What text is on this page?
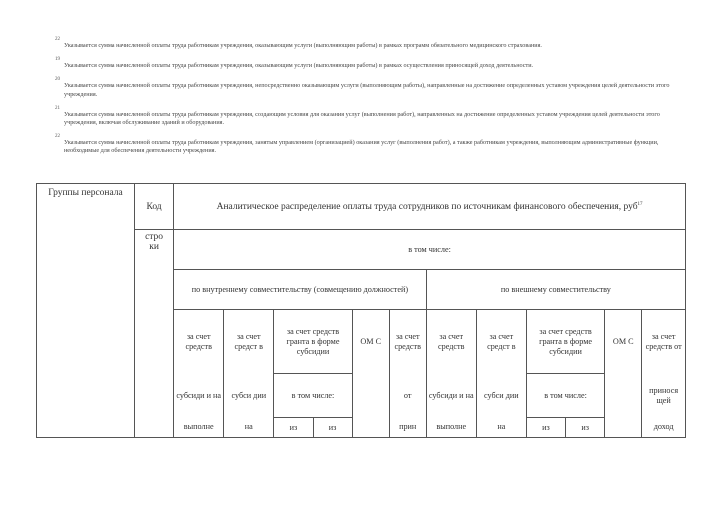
22
Указывается сумма начисленной оплаты труда работникам учреждения, оказывающим услуги (выполняющим работы) в рамках программ обязательного медицинского страхования.
19
Указывается сумма начисленной оплаты труда работникам учреждения, оказывающим услуги (выполняющим работы) в рамках осуществления приносящей доход деятельности.
20
Указывается сумма начисленной оплаты труда работникам учреждения, непосредственно оказывающим услуги (выполняющим работы), направленные на достижение определенных уставом учреждения целей деятельности этого учреждения.
21
Указывается сумма начисленной оплаты труда работникам учреждения, создающим условия для оказания услуг (выполнения работ), направленных на достижение определенных уставом учреждения целей деятельности этого учреждения, включая обслуживание зданий и оборудования.
22
Указывается сумма начисленной оплаты труда работникам учреждения, занятым управлением (организацией) оказания услуг (выполнения работ), а также работникам учреждения, выполняющим административные функции, необходимые для обеспечения деятельности учреждения.
Группы персонала	Код	Аналитическое распределение оплаты труда сотрудников по источникам финансового обеспечения, руб$^{17}$

	стро
ки	в том числе:											
		по внутреннему совместительству (совмещению должностей)						по внешнему совместительству					
		за счет средств	за счет средст в	за счет средств гранта в форме субсидии		ОМ С	за счет средств	за счет средств	за счет средст в	за счет средств гранта в форме субсидии		ОМ С	за счет средств от
		субсиди и на	субси дии	в том числе:			от	субсиди и на	субси дии	в том числе:			принося щей
		выполне	на	из	из		прин	выполне	на	из	из		доход
